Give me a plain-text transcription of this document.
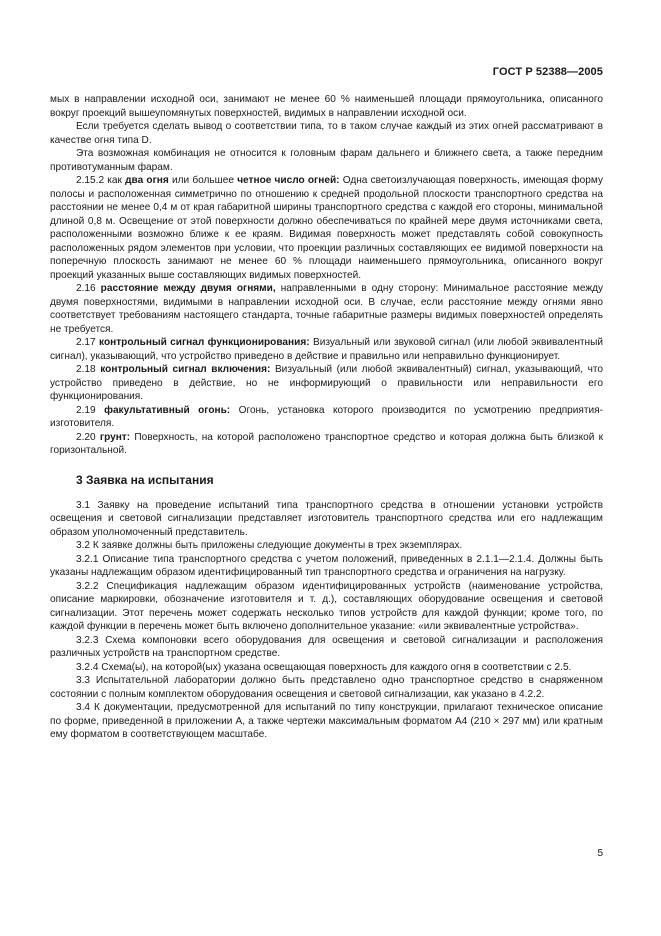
ГОСТ Р 52388—2005

мых в направлении исходной оси, занимают не менее 60 % наименьшей площади прямоугольника, описанного вокруг проекций вышеупомянутых поверхностей, видимых в направлении исходной оси.

Если требуется сделать вывод о соответствии типа, то в таком случае каждый из этих огней рассматривают в качестве огня типа D.

Эта возможная комбинация не относится к головным фарам дальнего и ближнего света, а также передним противотуманным фарам.

2.15.2 как два огня или большее четное число огней: Одна светоизлучающая поверхность, имеющая форму полосы и расположенная симметрично по отношению к средней продольной плоскости транспортного средства на расстоянии не менее 0,4 м от края габаритной ширины транспортного средства с каждой его стороны, минимальной длиной 0,8 м. Освещение от этой поверхности должно обеспечиваться по крайней мере двумя источниками света, расположенными возможно ближе к ее краям. Видимая поверхность может представлять собой совокупность расположенных рядом элементов при условии, что проекции различных составляющих ее видимой поверхности на поперечную плоскость занимают не менее 60 % площади наименьшего прямоугольника, описанного вокруг проекций указанных выше составляющих видимых поверхностей.

2.16 расстояние между двумя огнями, направленными в одну сторону: Минимальное расстояние между двумя поверхностями, видимыми в направлении исходной оси. В случае, если расстояние между огнями явно соответствует требованиям настоящего стандарта, точные габаритные размеры видимых поверхностей определять не требуется.

2.17 контрольный сигнал функционирования: Визуальный или звуковой сигнал (или любой эквивалентный сигнал), указывающий, что устройство приведено в действие и правильно или неправильно функционирует.

2.18 контрольный сигнал включения: Визуальный (или любой эквивалентный) сигнал, указывающий, что устройство приведено в действие, но не информирующий о правильности или неправильности его функционирования.

2.19 факультативный огонь: Огонь, установка которого производится по усмотрению предприятия-изготовителя.

2.20 грунт: Поверхность, на которой расположено транспортное средство и которая должна быть близкой к горизонтальной.

3 Заявка на испытания

3.1 Заявку на проведение испытаний типа транспортного средства в отношении установки устройств освещения и световой сигнализации представляет изготовитель транспортного средства или его надлежащим образом уполномоченный представитель.

3.2 К заявке должны быть приложены следующие документы в трех экземплярах.

3.2.1 Описание типа транспортного средства с учетом положений, приведенных в 2.1.1—2.1.4. Должны быть указаны надлежащим образом идентифицированный тип транспортного средства и ограничения на нагрузку.

3.2.2 Спецификация надлежащим образом идентифицированных устройств (наименование устройства, описание маркировки, обозначение изготовителя и т. д.), составляющих оборудование освещения и световой сигнализации. Этот перечень может содержать несколько типов устройств для каждой функции; кроме того, по каждой функции в перечень может быть включено дополнительное указание: «или эквивалентные устройства».

3.2.3 Схема компоновки всего оборудования для освещения и световой сигнализации и расположения различных устройств на транспортном средстве.

3.2.4 Схема(ы), на которой(ых) указана освещающая поверхность для каждого огня в соответствии с 2.5.

3.3 Испытательной лаборатории должно быть представлено одно транспортное средство в снаряженном состоянии с полным комплектом оборудования освещения и световой сигнализации, как указано в 4.2.2.

3.4 К документации, предусмотренной для испытаний по типу конструкции, прилагают техническое описание по форме, приведенной в приложении А, а также чертежи максимальным форматом А4 (210 × 297 мм) или кратным ему форматом в соответствующем масштабе.

5
